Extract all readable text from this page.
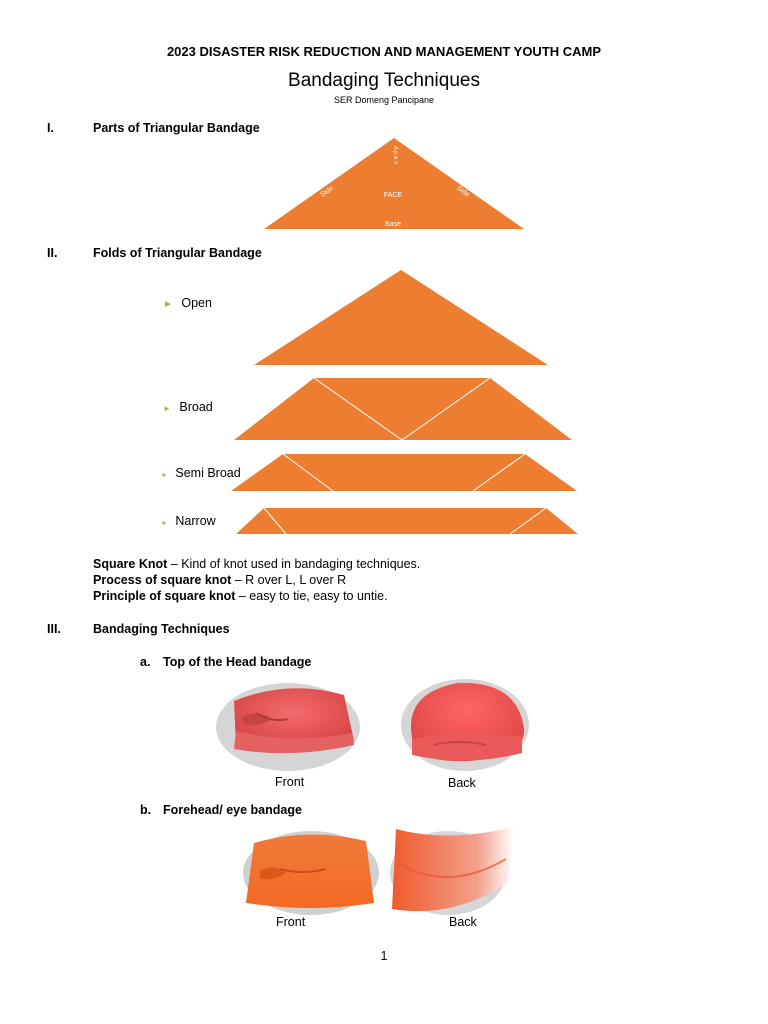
2023 DISASTER RISK REDUCTION AND MANAGEMENT YOUTH CAMP
Bandaging Techniques
SER Domeng Pancipane
I.	Parts of Triangular Bandage
A p e x
Side	Side
FACE
Base
II.	Folds of Triangular Bandage
► Open
► Broad
► Semi Broad
► Narrow
Square Knot – Kind of knot used in bandaging techniques.
Process of square knot – R over L, L over R
Principle of square knot – easy to tie, easy to untie.
III.	Bandaging Techniques
a. Top of the Head bandage
Front	Back
b. Forehead/ eye bandage
Front	Back
1
